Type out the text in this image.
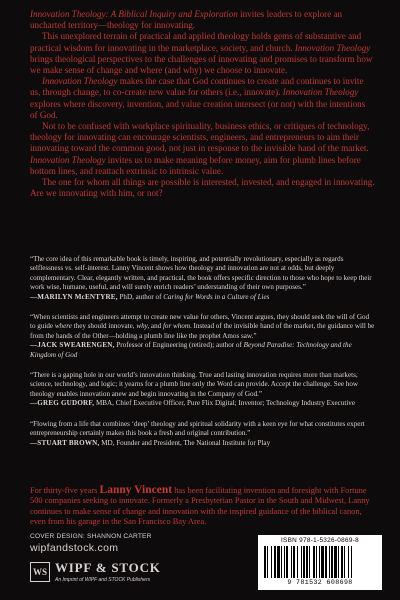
Innovation Theology: A Biblical Inquiry and Exploration invites leaders to explore an uncharted territory—theology for innovating.

This unexplored terrain of practical and applied theology holds gems of substantive and practical wisdom for innovating in the marketplace, society, and church. Innovation Theology brings theological perspectives to the challenges of innovating and promises to transform how we make sense of change and where (and why) we choose to innovate.

Innovation Theology makes the case that God continues to create and continues to invite us, through change, to co-create new value for others (i.e., innovate). Innovation Theology explores where discovery, invention, and value creation intersect (or not) with the intentions of God.

Not to be confused with workplace spirituality, business ethics, or critiques of technology, theology for innovating can encourage scientists, engineers, and entrepreneurs to aim their innovating toward the common good, not just in response to the invisible hand of the market. Innovation Theology invites us to make meaning before money, aim for plumb lines before bottom lines, and reattach extrinsic to intrinsic value.

The one for whom all things are possible is interested, invested, and engaged in innovating. Are we innovating with him, or not?

“The core idea of this remarkable book is timely, inspiring, and potentially revolutionary, especially as regards selflessness vs. self-interest. Lanny Vincent shows how theology and innovation are not at odds, but deeply complementary. Clear, elegantly written, and practical, the book offers specific direction to those who hope to keep their work wise, humane, useful, and will surely enrich readers’ understanding of their own purposes.”

—MARILYN McENTYRE, PhD, author of Caring for Words in a Culture of Lies

“When scientists and engineers attempt to create new value for others, Vincent argues, they should seek the will of God to guide where they should innovate, why, and for whom. Instead of the invisible hand of the market, the guidance will be from the hands of the Other—holding a plumb line like the prophet Amos saw.”

—JACK SWEARENGEN, Professor of Engineering (retired); author of Beyond Paradise: Technology and the Kingdom of God

“There is a gaping hole in our world’s innovation thinking. True and lasting innovation requires more than markets, science, technology, and logic; it yearns for a plumb line only the Word can provide. Accept the challenge. See how theology enables innovation anew and begin innovating in the Company of God.”

—GREG GUDORF, MBA, Chief Executive Officer, Pure Flix Digital; Inventor; Technology Industry Executive

“Flowing from a life that combines ‘deep’ theology and spiritual solidarity with a keen eye for what constitutes expert entrepreneurship certainly makes this book a fresh and original contribution.”

—STUART BROWN, MD, Founder and President, The National Institute for Play

For thirty-five years Lanny Vincent has been facilitating invention and foresight with Fortune 500 companies seeking to innovate. Formerly a Presbyterian Pastor in the South and Midwest, Lanny continues to make sense of change and innovation with the inspired guidance of the biblical canon, even from his garage in the San Francisco Bay Area.

COVER DESIGN: SHANNON CARTER
wipfandstock.com
WS WIPF & STOCK
An Imprint of WIPF and STOCK Publishers
ISBN 978-1-5326-0869-8
9 781532 608698
